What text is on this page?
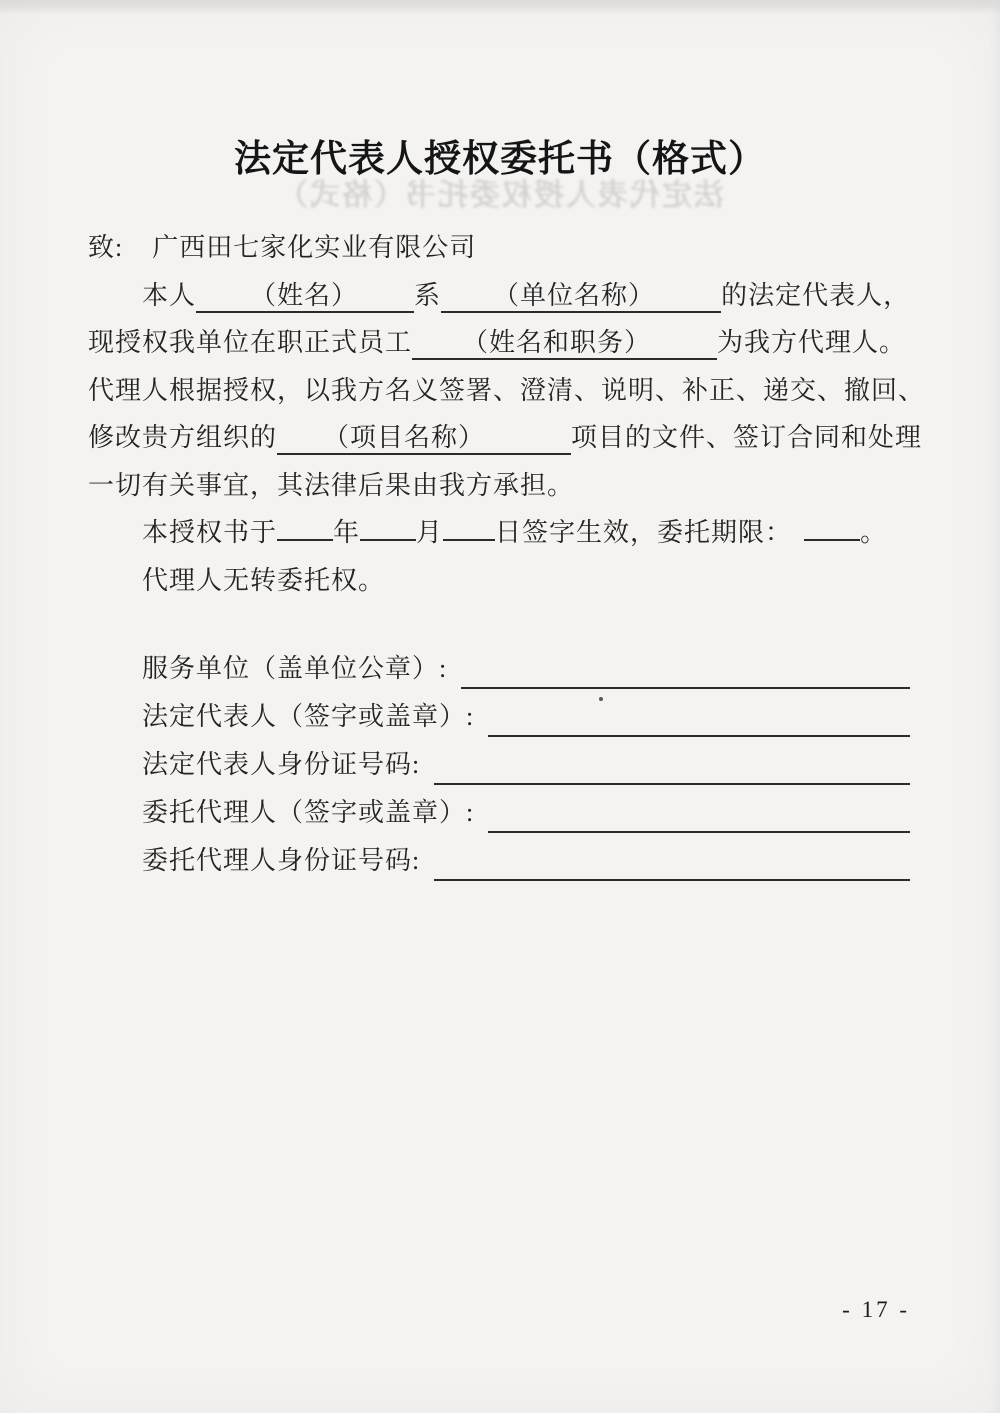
法定代表人授权委托书（格式）
法定代表人授权委托书（格式）
致: 广西田七家化实业有限公司
本人 （姓名） 系 （单位名称）	的法定代表人，
现授权我单位在职正式员工 （姓名和职务）	为我方代理人。
代理人根据授权，以我方名义签署、澄清、说明、补正、递交、撤回、
修改贵方组织的 （项目名称）	项目的文件、签订合同和处理
一切有关事宜，其法律后果由我方承担。
本授权书于 年 月 日签字生效，委托期限：	。
代理人无转委托权。
服务单位（盖单位公章）:
法定代表人（签字或盖章）:
法定代表人身份证号码:
委托代理人（签字或盖章）:
委托代理人身份证号码:
- 17 -
